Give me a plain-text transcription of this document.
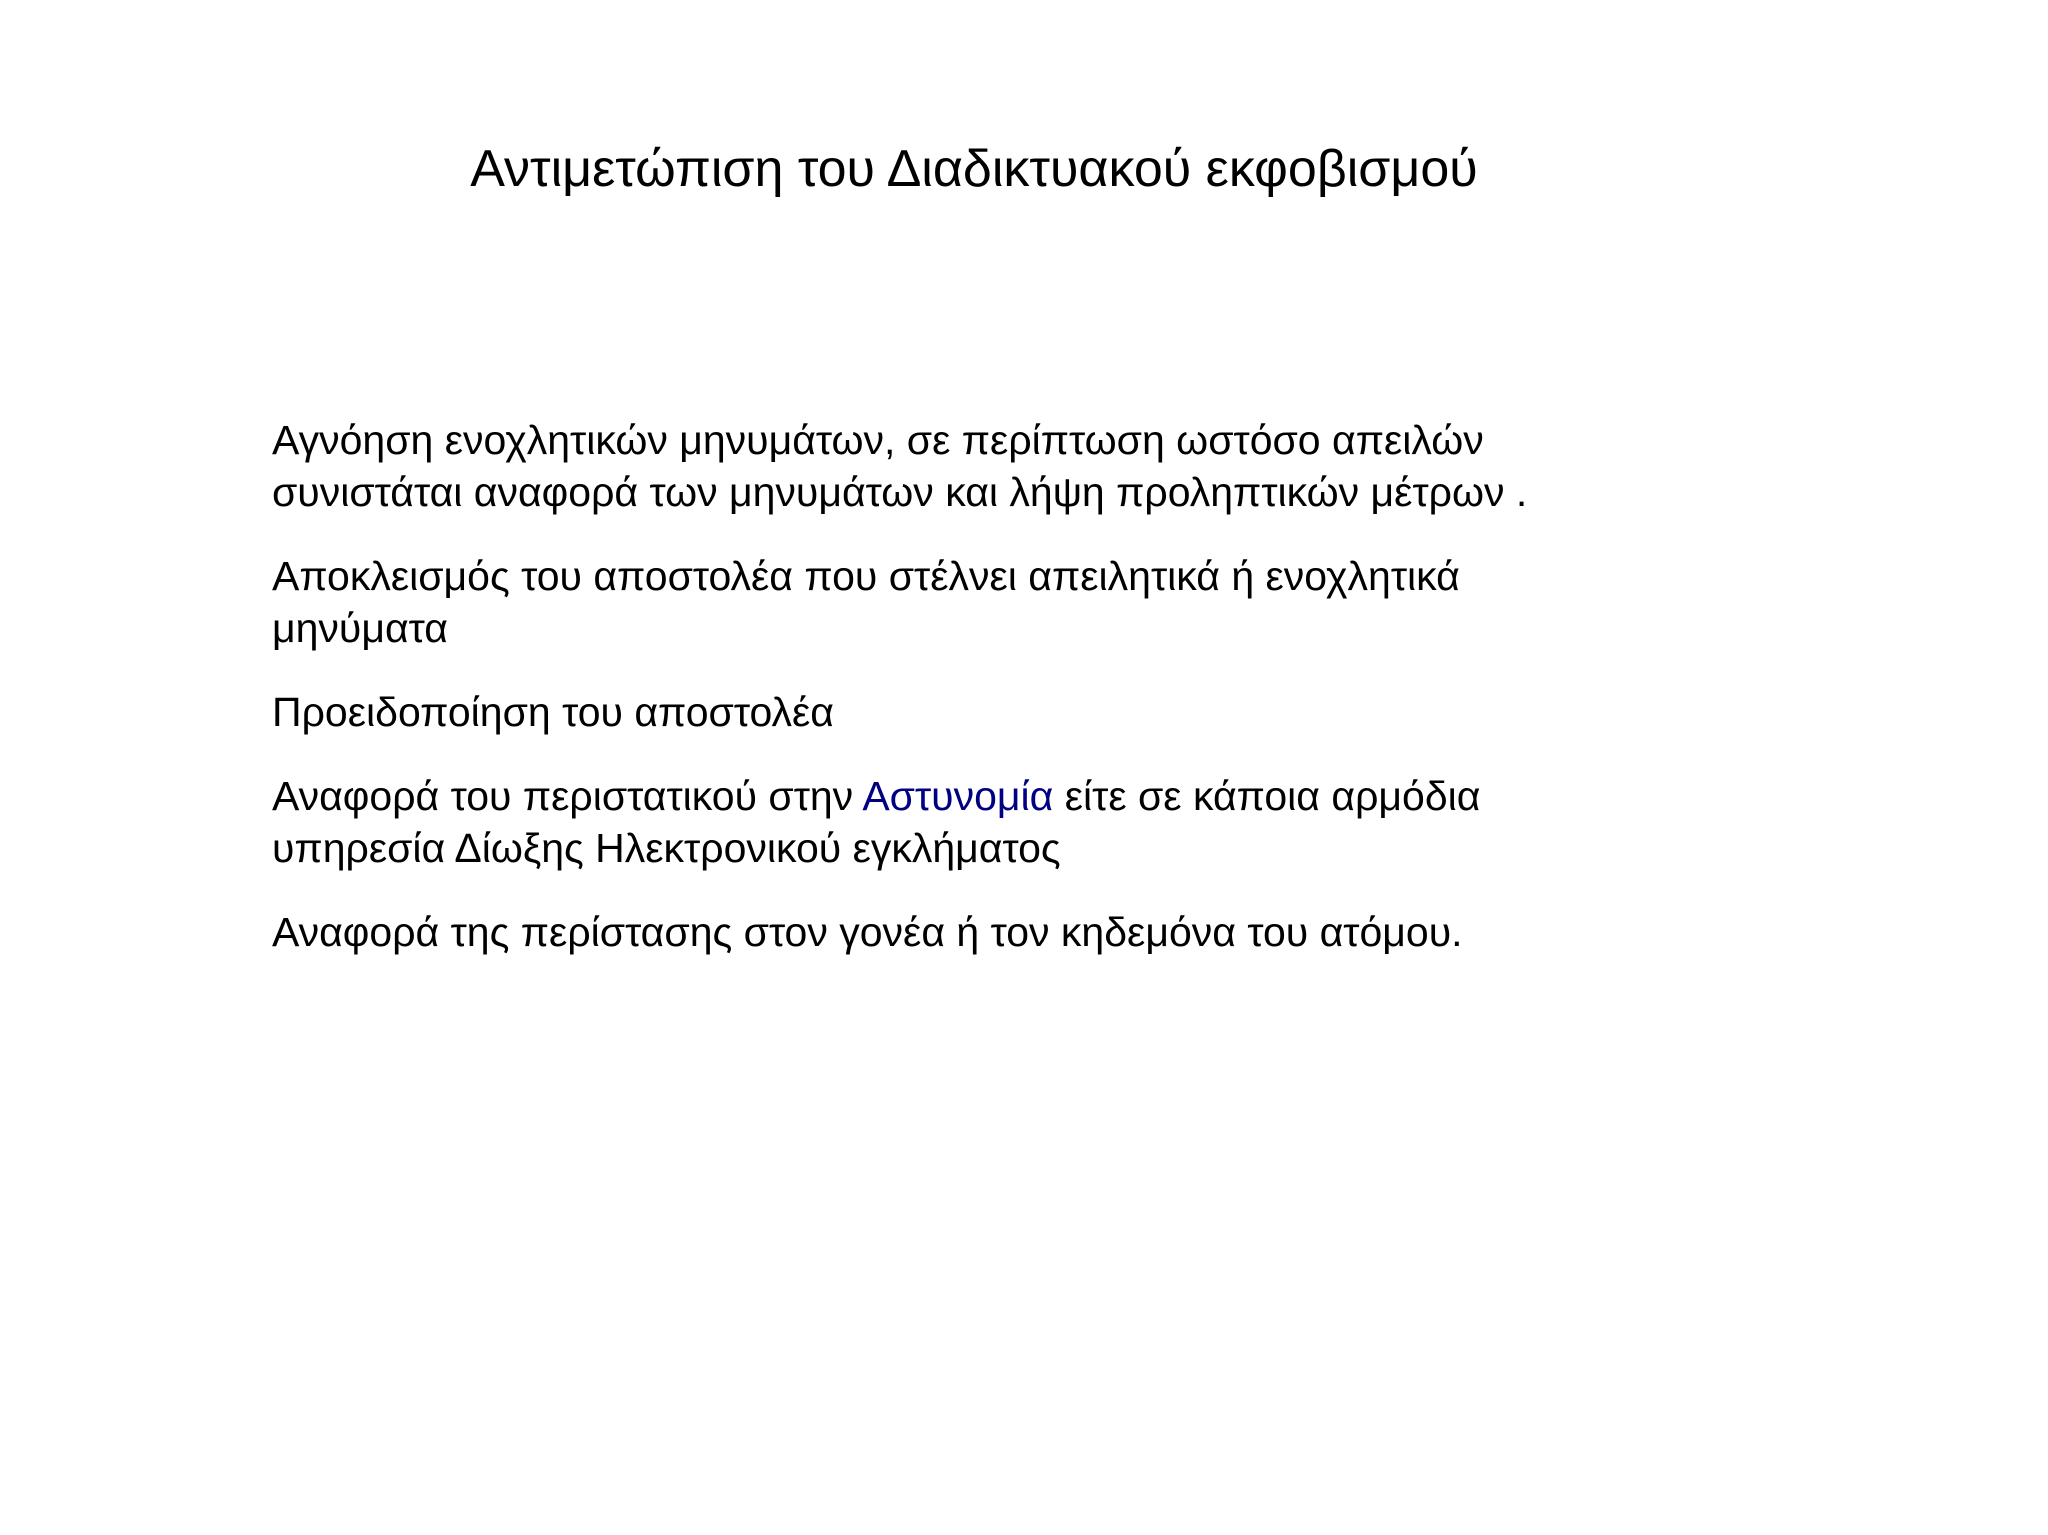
Αντιμετώπιση του Διαδικτυακού εκφοβισμού
Αγνόηση ενοχλητικών μηνυμάτων, σε περίπτωση ωστόσο απειλών
συνιστάται αναφορά των μηνυμάτων και λήψη προληπτικών μέτρων .
Αποκλεισμός του αποστολέα που στέλνει απειλητικά ή ενοχλητικά
μηνύματα
Προειδοποίηση του αποστολέα
Αναφορά του περιστατικού στην Αστυνομία είτε σε κάποια αρμόδια
υπηρεσία Δίωξης Ηλεκτρονικού εγκλήματος
Αναφορά της περίστασης στον γονέα ή τον κηδεμόνα του ατόμου.
